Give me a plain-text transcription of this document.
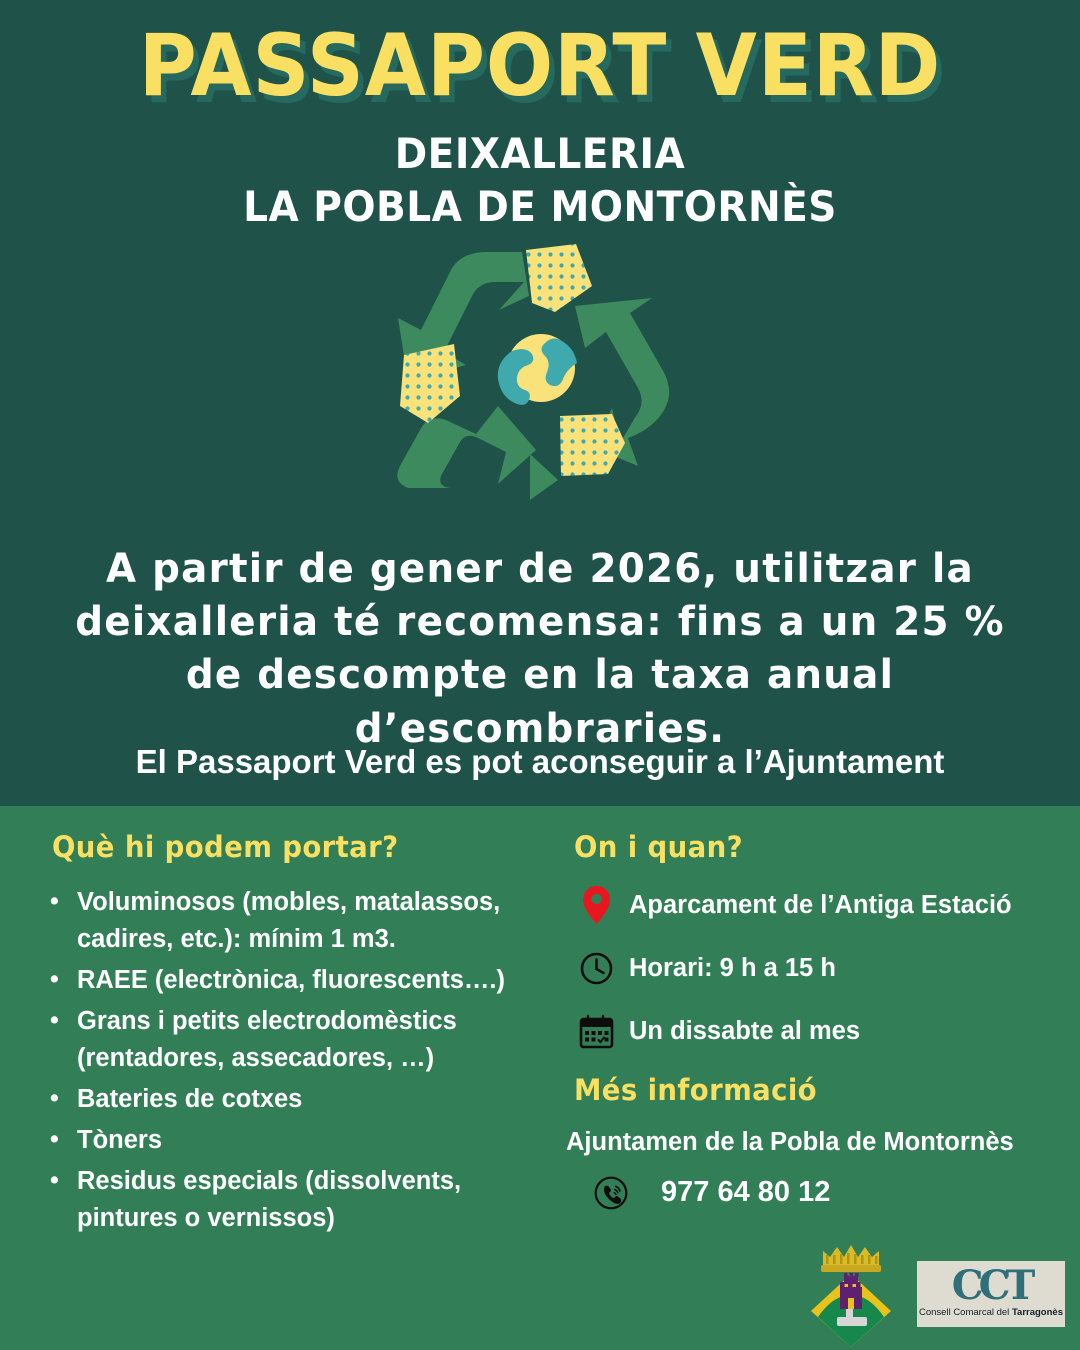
PASSAPORT VERD
DEIXALLERIA
LA POBLA DE MONTORNÈS
A partir de gener de 2026, utilitzar la deixalleria té recomensa: fins a un 25 % de descompte en la taxa anual d’escombraries.
El Passaport Verd es pot aconseguir a l’Ajuntament
Què hi podem portar?
• Voluminosos (mobles, matalassos, cadires, etc.): mínim 1 m3.
• RAEE (electrònica, fluorescents….)
• Grans i petits electrodomèstics (rentadores, assecadores, …)
• Bateries de cotxes
• Tòners
• Residus especials (dissolvents, pintures o vernissos)
On i quan?
Aparcament de l’Antiga Estació
Horari: 9 h a 15 h
Un dissabte al mes
Més informació
Ajuntamen de la Pobla de Montornès
977 64 80 12
CCT
Consell Comarcal del Tarragonès
